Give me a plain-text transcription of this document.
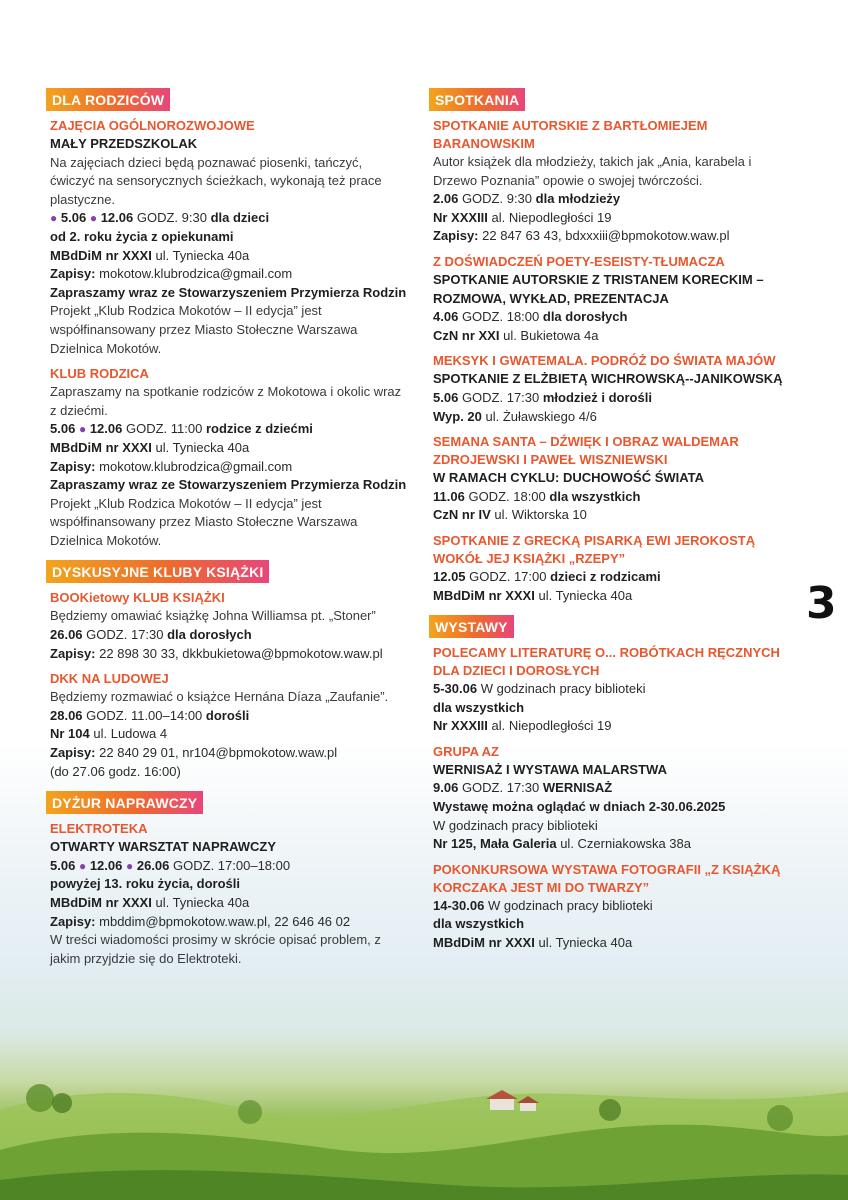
DLA RODZICÓW
ZAJĘCIA OGÓLNOROZWOJOWE
MAŁY PRZEDSZKOLAK
Na zajęciach dzieci będą poznawać piosenki, tańczyć, ćwiczyć na sensorycznych ścieżkach, wykonają też prace plastyczne.
● 5.06 ● 12.06 GODZ. 9:30 dla dzieci
od 2. roku życia z opiekunami
MBdDiM nr XXXI ul. Tyniecka 40a
Zapisy: mokotow.klubrodzica@gmail.com
Zapraszamy wraz ze Stowarzyszeniem Przymierza Rodzin
Projekt „Klub Rodzica Mokotów – II edycja” jest współfinansowany przez Miasto Stołeczne Warszawa Dzielnica Mokotów.
KLUB RODZICA
Zapraszamy na spotkanie rodziców z Mokotowa i okolic wraz z dziećmi.
5.06 ● 12.06 GODZ. 11:00 rodzice z dziećmi
MBdDiM nr XXXI ul. Tyniecka 40a
Zapisy: mokotow.klubrodzica@gmail.com
Zapraszamy wraz ze Stowarzyszeniem Przymierza Rodzin
Projekt „Klub Rodzica Mokotów – II edycja” jest współfinansowany przez Miasto Stołeczne Warszawa Dzielnica Mokotów.
DYSKUSYJNE KLUBY KSIĄŻKI
BOOKietowy KLUB KSIĄŻKI
Będziemy omawiać książkę Johna Williamsa pt. „Stoner”
26.06 GODZ. 17:30 dla dorosłych
Zapisy: 22 898 30 33, dkkbukietowa@bpmokotow.waw.pl
DKK NA LUDOWEJ
Będziemy rozmawiać o książce Hernána Díaza „Zaufanie”.
28.06 GODZ. 11.00–14:00 dorośli
Nr 104 ul. Ludowa 4
Zapisy: 22 840 29 01, nr104@bpmokotow.waw.pl
(do 27.06 godz. 16:00)
DYŻUR NAPRAWCZY
ELEKTROTEKA
OTWARTY WARSZTAT NAPRAWCZY
5.06 ● 12.06 ● 26.06 GODZ. 17:00–18:00
powyżej 13. roku życia, dorośli
MBdDiM nr XXXI ul. Tyniecka 40a
Zapisy: mbddim@bpmokotow.waw.pl, 22 646 46 02
W treści wiadomości prosimy w skrócie opisać problem, z jakim przyjdzie się do Elektroteki.
SPOTKANIA
SPOTKANIE AUTORSKIE Z BARTŁOMIEJEM BARANOWSKIM
Autor książek dla młodzieży, takich jak „Ania, karabela i Drzewo Poznania” opowie o swojej twórczości.
2.06 GODZ. 9:30 dla młodzieży
Nr XXXIII al. Niepodległości 19
Zapisy: 22 847 63 43, bdxxxiii@bpmokotow.waw.pl
Z DOŚWIADCZEŃ POETY-ESEISTY-TŁUMACZA
SPOTKANIE AUTORSKIE Z TRISTANEM KORECKIM – ROZMOWA, WYKŁAD, PREZENTACJA
4.06 GODZ. 18:00 dla dorosłych
CzN nr XXI ul. Bukietowa 4a
MEKSYK I GWATEMALA. PODRÓŻ DO ŚWIATA MAJÓW
SPOTKANIE Z ELŻBIETĄ WICHROWSKĄ--JANIKOWSKĄ
5.06 GODZ. 17:30 młodzież i dorośli
Wyp. 20 ul. Żuławskiego 4/6
SEMANA SANTA – DŹWIĘK I OBRAZ WALDEMAR ZDROJEWSKI I PAWEŁ WISZNIEWSKI
W RAMACH CYKLU: DUCHOWOŚĆ ŚWIATA
11.06 GODZ. 18:00 dla wszystkich
CzN nr IV ul. Wiktorska 10
SPOTKANIE Z GRECKĄ PISARKĄ EWI JEROKOSTĄ WOKÓŁ JEJ KSIĄŻKI „RZEPY”
12.05 GODZ. 17:00 dzieci z rodzicami
MBdDiM nr XXXI ul. Tyniecka 40a
WYSTAWY
POLECAMY LITERATURĘ O... ROBÓTKACH RĘCZNYCH DLA DZIECI I DOROSŁYCH
5-30.06 W godzinach pracy biblioteki
dla wszystkich
Nr XXXIII al. Niepodległości 19
GRUPA AZ
WERNISAŻ I WYSTAWA MALARSTWA
9.06 GODZ. 17:30 WERNISAŻ
Wystawę można oglądać w dniach 2-30.06.2025
W godzinach pracy biblioteki
Nr 125, Mała Galeria ul. Czerniakowska 38a
POKONKURSOWA WYSTAWA FOTOGRAFII „Z KSIĄŻKĄ KORCZAKA JEST MI DO TWARZY”
14-30.06 W godzinach pracy biblioteki
dla wszystkich
MBdDiM nr XXXI ul. Tyniecka 40a
3
